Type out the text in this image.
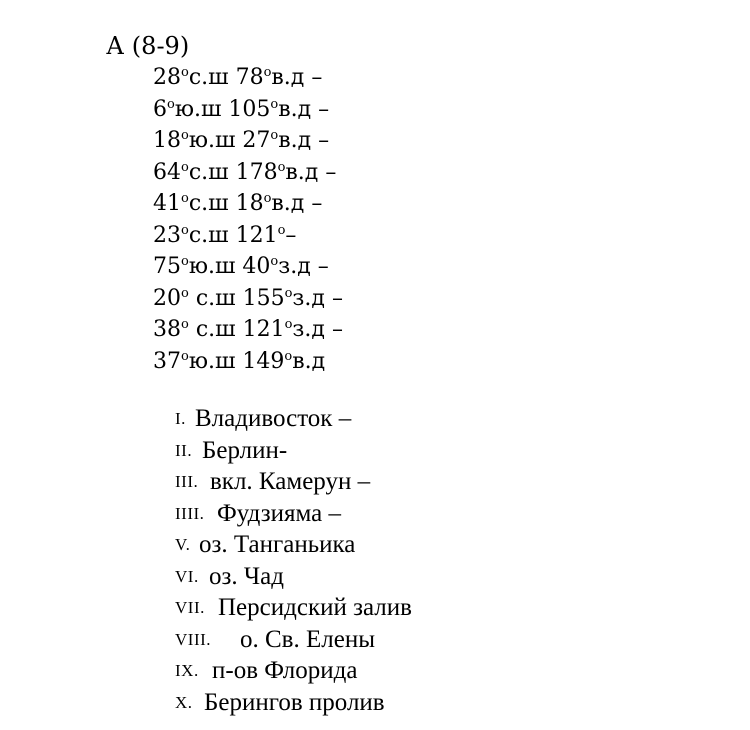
А (8-9)
$28^ос.ш$ $78^ов.д$ –
$6^ою.ш$ $105^ов.д$ –
$18^ою.ш$ $27^ов.д$ –
$64^ос.ш$ $178^ов.д$ –
$41^ос.ш$ $18^ов.д$ –
$23^ос.ш$ $121^о-$
$75^ою.ш$ $40^оз.д$ –
$20^о$ с.ш $155^оз.д$ –
$38^о$ с.ш $121^оз.д$ –
$37^ою.ш$ $149^ов.д$
I. Владивосток –
II. Берлин-
III. вкл. Камерун –
IIII. Фудзияма –
V. оз. Танганьика
VI. оз. Чад
VII. Персидский залив
VIII. о. Св. Елены
IX. п-ов Флорида
X. Берингов пролив
